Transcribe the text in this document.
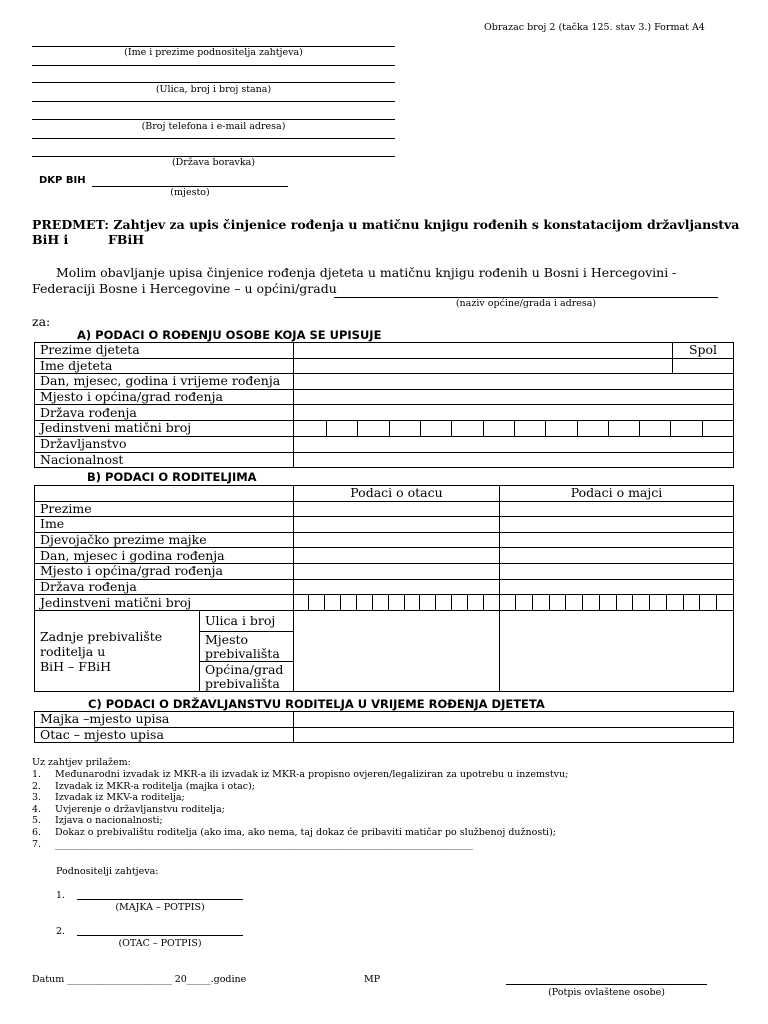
Obrazac broj 2 (tačka 125. stav 3.) Format A4
(Ime i prezime podnositelja zahtjeva)
(Ulica, broj i broj stana)
(Broj telefona i e-mail adresa)
(Država boravka)
DKP BIH
(mjesto)
PREDMET: Zahtjev za upis činjenice rođenja u matičnu knjigu rođenih s konstatacijom državljanstva BiH i	FBiH
Molim obavljanje upisa činjenice rođenja djeteta u matičnu knjigu rođenih u Bosni i Hercegovini -
Federaciji Bosne i Hercegovine – u općini/gradu
(naziv općine/grada i adresa)
za:
A) PODACI O ROĐENJU OSOBE KOJA SE UPISUJE
Prezime djeteta		Spol
Ime djeteta		
Dan, mjesec, godina i vrijeme rođenja		
Mjesto i općina/grad rođenja		
Država rođenja		
Jedinstveni matični broj		

Državljanstvo		
Nacionalnost		
B) PODACI O RODITELJIMA
		Podaci o otacu	Podaci o majci
Prezime			
Ime			
Djevojačko prezime majke			
Dan, mjesec i godina rođenja			
Mjesto i općina/grad rođenja			
Država rođenja			
Jedinstveni matični broj		

Zadnje prebivalište
roditelja u
BiH – FBiH	Ulica i broj		
	Mjesto prebivališta		
	Općina/grad prebivališta		
C) PODACI O DRŽAVLJANSTVU RODITELJA U VRIJEME ROĐENJA DJETETA
Majka –mjesto upisa	
Otac – mjesto upisa	
Uz zahtjev prilažem:
1.	Međunarodni izvadak iz MKR-a ili izvadak iz MKR-a propisno ovjeren/legaliziran za upotrebu u inzemstvu;
2.	Izvadak iz MKR-a roditelja (majka i otac);
3.	Izvadak iz MKV-a roditelja;
4.	Uvjerenje o državljanstvu roditelja;
5.	Izjava o nacionalnosti;
6.	Dokaz o prebivalištu roditelja (ako ima, ako nema, taj dokaz će pribaviti matičar po službenoj dužnosti);
7.	________________________________________________________________________________________
Podnositelji zahtjeva:
1.
(MAJKA – POTPIS)
2.
(OTAC – POTPIS)
Datum ______________________ 20_____.godine	MP
(Potpis ovlaštene osobe)
